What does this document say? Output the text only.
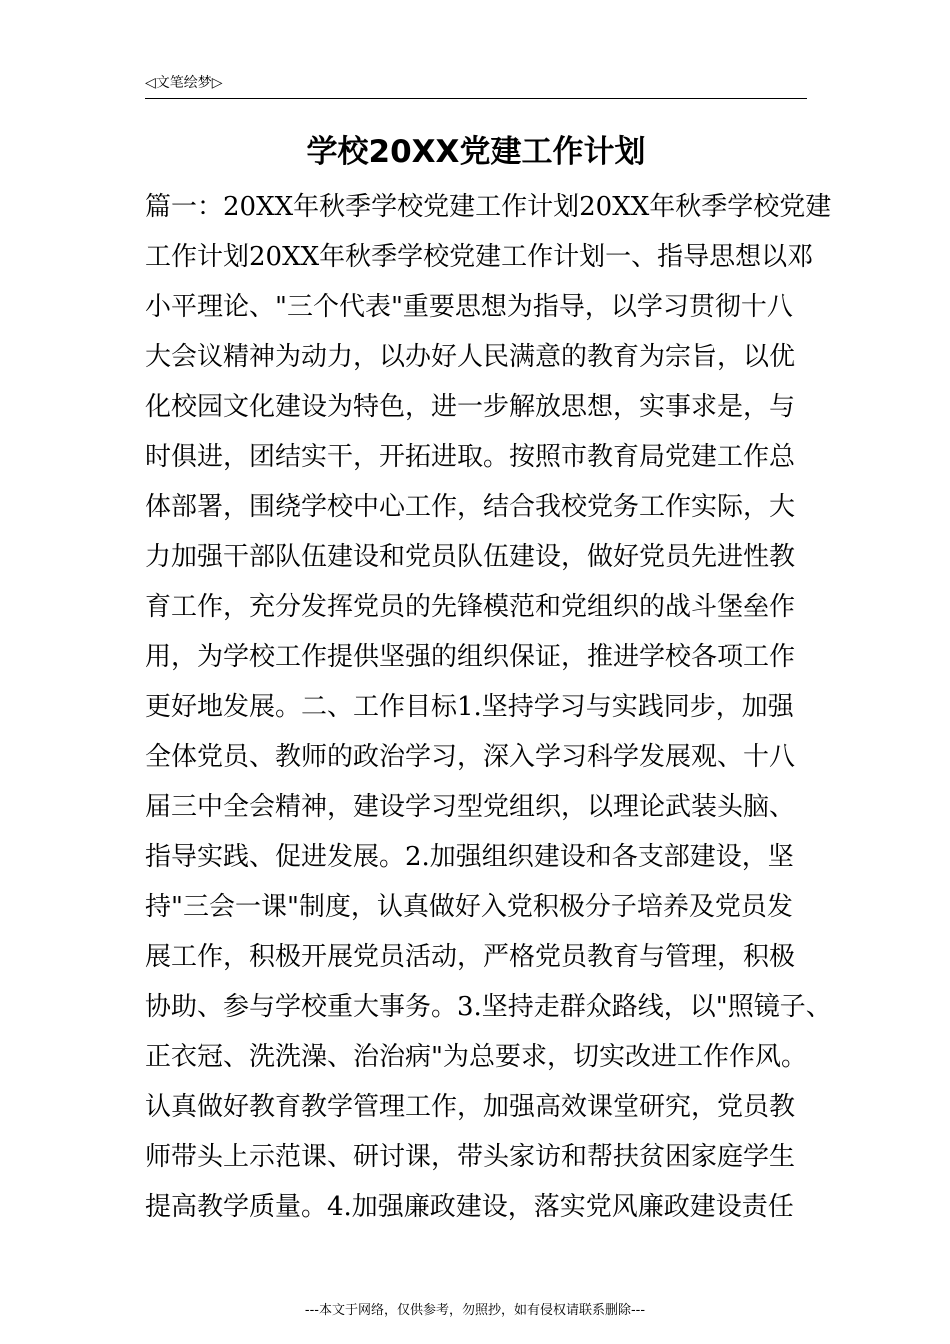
◁文笔绘梦▷
学校20XX党建工作计划
篇一：20XX年秋季学校党建工作计划20XX年秋季学校党建
工作计划20XX年秋季学校党建工作计划一、指导思想以邓
小平理论、"三个代表"重要思想为指导，以学习贯彻十八
大会议精神为动力，以办好人民满意的教育为宗旨，以优
化校园文化建设为特色，进一步解放思想，实事求是，与
时俱进，团结实干，开拓进取。按照市教育局党建工作总
体部署，围绕学校中心工作，结合我校党务工作实际，大
力加强干部队伍建设和党员队伍建设，做好党员先进性教
育工作，充分发挥党员的先锋模范和党组织的战斗堡垒作
用，为学校工作提供坚强的组织保证，推进学校各项工作
更好地发展。二、工作目标1.坚持学习与实践同步，加强
全体党员、教师的政治学习，深入学习科学发展观、十八
届三中全会精神，建设学习型党组织，以理论武装头脑、
指导实践、促进发展。2.加强组织建设和各支部建设，坚
持"三会一课"制度，认真做好入党积极分子培养及党员发
展工作，积极开展党员活动，严格党员教育与管理，积极
协助、参与学校重大事务。3.坚持走群众路线，以"照镜子、
正衣冠、洗洗澡、治治病"为总要求，切实改进工作作风。
认真做好教育教学管理工作，加强高效课堂研究，党员教
师带头上示范课、研讨课，带头家访和帮扶贫困家庭学生
提高教学质量。4.加强廉政建设，落实党风廉政建设责任
---本文于网络，仅供参考，勿照抄，如有侵权请联系删除---
